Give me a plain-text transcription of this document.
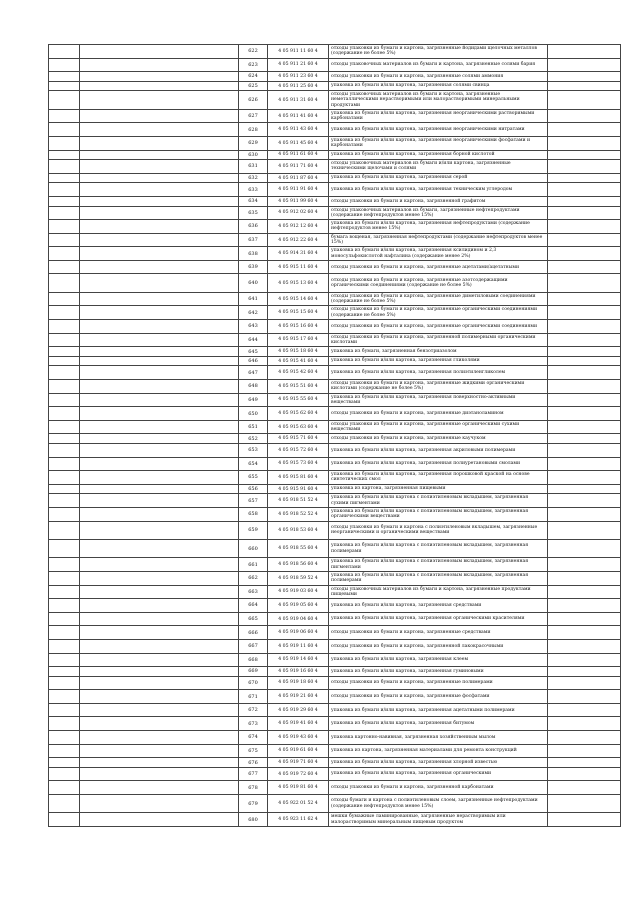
		622	4 05 911 11 60 4	отходы упаковки из бумаги и картона, загрязненные йодидами щелочных металлов (содержание не более 5%)	
		623	4 05 911 21 60 4	отходы упаковочных материалов из бумаги и картона, загрязненные солями бария	
		624	4 05 911 23 60 4	отходы упаковки из бумаги и картона, загрязненные солями аммония	
		625	4 05 911 25 60 4	упаковка из бумаги и/или картона, загрязненная солями свинца	
		626	4 05 911 31 60 4	отходы упаковочных материалов из бумаги и картона, загрязненные неметаллическими нерастворимыми или малорастворимыми минеральными продуктами	
		627	4 05 911 41 60 4	упаковка из бумаги и/или картона, загрязненная неорганическими растворимыми карбонатами	
		628	4 05 911 43 60 4	упаковка из бумаги и/или картона, загрязненная неорганическими нитратами	
		629	4 05 911 45 60 4	упаковка из бумаги и/или картона, загрязненная неорганическими фосфатами и карбонатами	
		630	4 05 911 61 60 4	упаковка из бумаги и/или картона, загрязненная борной кислотой	
		631	4 05 911 71 60 4	отходы упаковочных материалов из бумаги и/или картона, загрязненные техническими щелочами и солями	
		632	4 05 911 87 60 4	упаковка из бумаги и/или картона, загрязненная серой	
		633	4 05 911 91 60 4	упаковка из бумаги и/или картона, загрязненная техническим углеродом	
		634	4 05 911 99 60 4	отходы упаковки из бумаги и картона, загрязненной графитом	
		635	4 05 912 02 60 4	отходы упаковочных материалов из бумаги, загрязненные нефтепродуктами (содержание нефтепродуктов менее 15%)	
		636	4 05 912 12 60 4	упаковка из бумаги и/или картона, загрязненная нефтепродуктами (содержание нефтепродуктов менее 15%)	
		637	4 05 912 22 60 4	бумага вощеная, загрязненная нефтепродуктами (содержание нефтепродуктов менее 15%)	
		638	4 05 914 31 60 4	упаковка из бумаги и/или картона, загрязненная ксилидином и 2,3 моносульфокислотой нафталина (содержание менее 2%)	
		639	4 05 915 11 60 4	отходы упаковки из бумаги и картона, загрязненные ацетатами/ацетатными	
		640	4 05 915 13 60 4	отходы упаковки из бумаги и картона, загрязненные азотсодержащими органическими соединениями (содержание не более 5%)	
		641	4 05 915 14 60 4	отходы упаковки из бумаги и картона, загрязненные диметиловыми соединениями (содержание не более 5%)	
		642	4 05 915 15 60 4	отходы упаковки из бумаги и картона, загрязненные органическими соединениями (содержание не более 5%)	
		643	4 05 915 16 60 4	отходы упаковки из бумаги и картона, загрязненные органическими соединениями	
		644	4 05 915 17 60 4	отходы упаковки из бумаги и картона, загрязненной полимерными органическими кислотами	
		645	4 05 915 18 60 4	упаковка из бумаги, загрязненная бензотриазолом	
		646	4 05 915 41 60 4	упаковка из бумаги и/или картона, загрязненная гликолями	
		647	4 05 915 42 60 4	упаковка из бумаги и/или картона, загрязненная полиэтиленгликолем	
		648	4 05 915 51 60 4	отходы упаковки из бумаги и картона, загрязненные жидкими органическими кислотами (содержание не более 5%)	
		649	4 05 915 55 60 4	упаковка из бумаги и/или картона, загрязненная поверхностно-активными веществами	
		650	4 05 915 62 60 4	отходы упаковки из бумаги и картона, загрязненные диэтаноламином	
		651	4 05 915 63 60 4	отходы упаковки из бумаги и картона, загрязненные органическими сухими веществами	
		652	4 05 915 71 60 4	отходы упаковки из бумаги и картона, загрязненные каучуком	
		653	4 05 915 72 60 4	упаковка из бумаги и/или картона, загрязненная акриловыми полимерами	
		654	4 05 915 73 60 4	упаковка из бумаги и/или картона, загрязненная полиуретановыми смолами	
		655	4 05 915 81 60 4	упаковка из бумаги и/или картона, загрязненная порошковой краской на основе синтетических смол	
		656	4 05 915 91 60 4	упаковка из картона, загрязненная пищевыми	
		657	4 05 918 51 52 4	упаковка из бумаги и/или картона с полиэтиленовым вкладышем, загрязненная сухими пигментами	
		658	4 05 918 52 52 4	упаковка из бумаги и/или картона с полиэтиленовым вкладышем, загрязненная органическими веществами	
		659	4 05 918 53 60 4	отходы упаковки из бумаги и картона с полиэтиленовым вкладышем, загрязненные неорганическими и органическими веществами	
		660	4 05 918 55 60 4	упаковка из бумаги и/или картона с полиэтиленовым вкладышем, загрязненная полимерами	
		661	4 05 918 56 60 4	упаковка из бумаги и/или картона с полиэтиленовым вкладышем, загрязненная пигментами	
		662	4 05 918 59 52 4	упаковка из бумаги и/или картона с полиэтиленовым вкладышем, загрязненная полимерами	
		663	4 05 919 03 60 4	отходы упаковочных материалов из бумаги и картона, загрязненные продуктами пищевыми	
		664	4 05 919 05 60 4	упаковка из бумаги и/или картона, загрязненная средствами	
		665	4 05 919 04 60 4	упаковка из бумаги и/или картона, загрязненная органическими красителями	
		666	4 05 919 06 60 4	отходы упаковки из бумаги и картона, загрязненные средствами	
		667	4 05 919 11 60 4	отходы упаковки из бумаги и картона, загрязненной лакокрасочными	
		668	4 05 919 14 60 4	упаковка из бумаги и/или картона, загрязненная клеем	
		669	4 05 919 16 60 4	упаковка из бумаги и/или картона, загрязненная гуминовыми	
		670	4 05 919 18 60 4	отходы упаковки из бумаги и картона, загрязненные полимерами	
		671	4 05 919 21 60 4	отходы упаковки из бумаги и картона, загрязненные фосфатами	
		672	4 05 919 29 60 4	упаковка из бумаги и/или картона, загрязненная ацетатными полимерами	
		673	4 05 919 41 60 4	упаковка из бумаги и/или картона, загрязненная битумом	
		674	4 05 919 43 60 4	упаковка картонно-навивная, загрязненная хозяйственным мылом	
		675	4 05 919 61 60 4	упаковка из картона, загрязненная материалами для ремонта конструкций	
		676	4 05 919 71 60 4	упаковка из бумаги и/или картона, загрязненная хлорной известью	
		677	4 05 919 72 60 4	упаковка из бумаги и/или картона, загрязненная органическими	
		678	4 05 919 81 60 4	отходы упаковки из бумаги и картона, загрязненной карбонатами	
		679	4 05 922 01 52 4	отходы бумаги и картона с полиэтиленовым слоем, загрязненные нефтепродуктами (содержание нефтепродуктов менее 15%)	
		680	4 05 923 11 62 4	мешки бумажные ламинированные, загрязненные нерастворимым или малорастворимым минеральным пищевым продуктом	
